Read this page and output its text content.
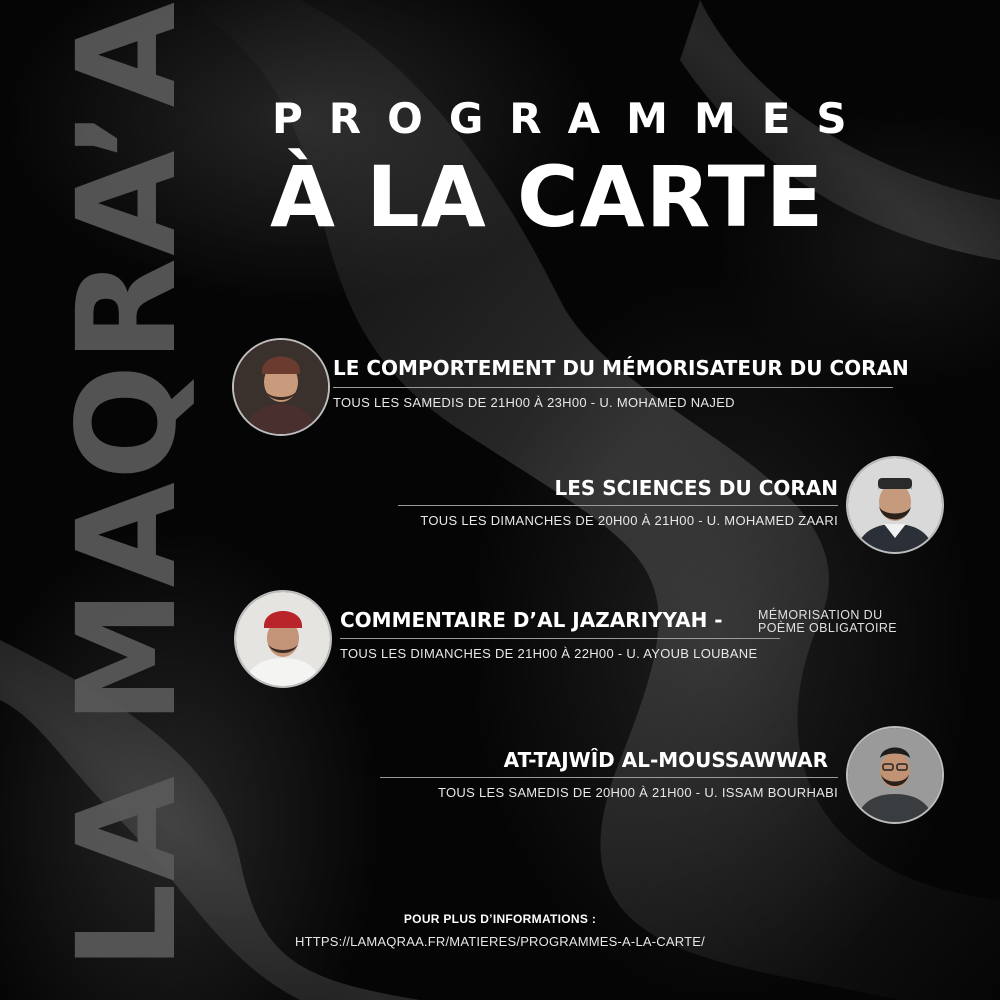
LA MAQRA’A PROGRAMMES
À LA CARTE
LE COMPORTEMENT DU MÉMORISATEUR DU CORAN
TOUS LES SAMEDIS DE 21H00 À 23H00 - U. MOHAMED NAJED
LES SCIENCES DU CORAN
TOUS LES DIMANCHES DE 20H00 À 21H00 - U. MOHAMED ZAARI
COMMENTAIRE D’AL JAZARIYYAH -	MÉMORISATION DU
POÈME OBLIGATOIRE
TOUS LES DIMANCHES DE 21H00 À 22H00 - U. AYOUB LOUBANE
AT-TAJWÎD AL-MOUSSAWWAR
TOUS LES SAMEDIS DE 20H00 À 21H00 - U. ISSAM BOURHABI
POUR PLUS D’INFORMATIONS :
HTTPS://LAMAQRAA.FR/MATIERES/PROGRAMMES-A-LA-CARTE/
